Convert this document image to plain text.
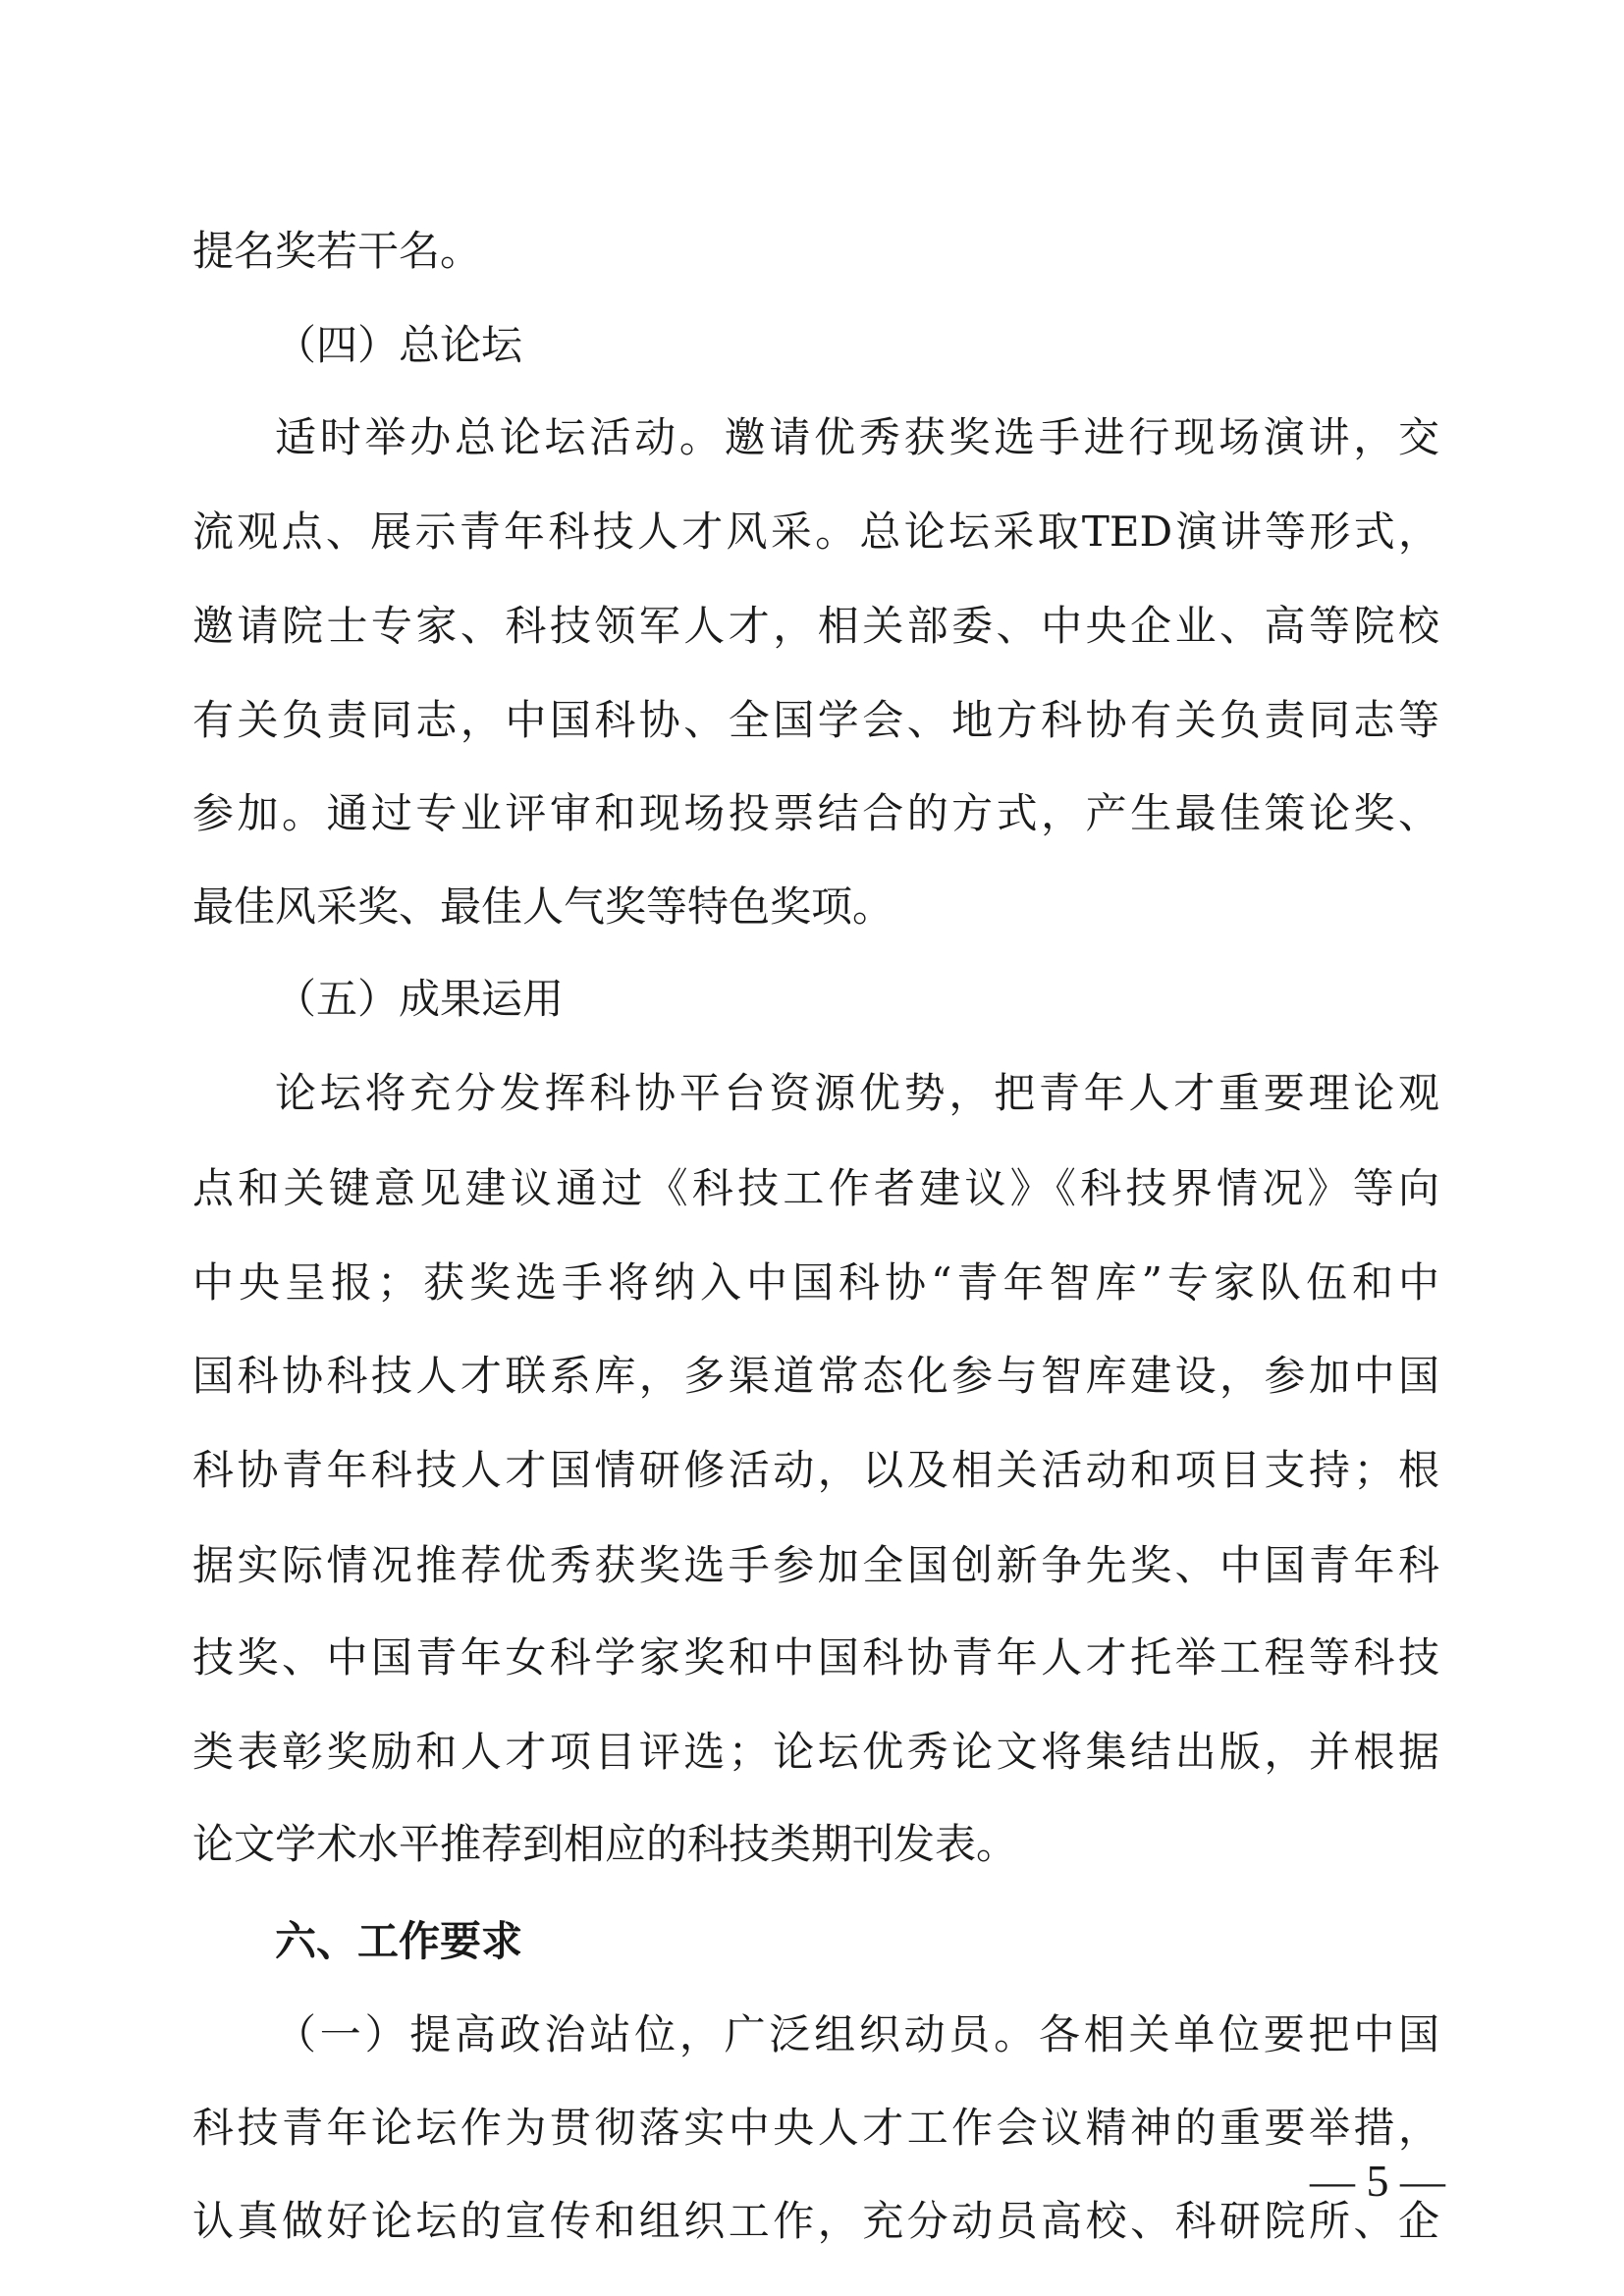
提名奖若干名。
（四）总论坛
适时举办总论坛活动。邀请优秀获奖选手进行现场演讲，交
流观点、展示青年科技人才风采。总论坛采取TED演讲等形式，
邀请院士专家、科技领军人才，相关部委、中央企业、高等院校
有关负责同志，中国科协、全国学会、地方科协有关负责同志等
参加。通过专业评审和现场投票结合的方式，产生最佳策论奖、
最佳风采奖、最佳人气奖等特色奖项。
（五）成果运用
论坛将充分发挥科协平台资源优势，把青年人才重要理论观
点和关键意见建议通过《科技工作者建议》《科技界情况》等向
中央呈报；获奖选手将纳入中国科协“青年智库”专家队伍和中
国科协科技人才联系库，多渠道常态化参与智库建设，参加中国
科协青年科技人才国情研修活动，以及相关活动和项目支持；根
据实际情况推荐优秀获奖选手参加全国创新争先奖、中国青年科
技奖、中国青年女科学家奖和中国科协青年人才托举工程等科技
类表彰奖励和人才项目评选；论坛优秀论文将集结出版，并根据
论文学术水平推荐到相应的科技类期刊发表。
六、工作要求
（一）提高政治站位，广泛组织动员。各相关单位要把中国
科技青年论坛作为贯彻落实中央人才工作会议精神的重要举措，
认真做好论坛的宣传和组织工作，充分动员高校、科研院所、企
— 5 —
